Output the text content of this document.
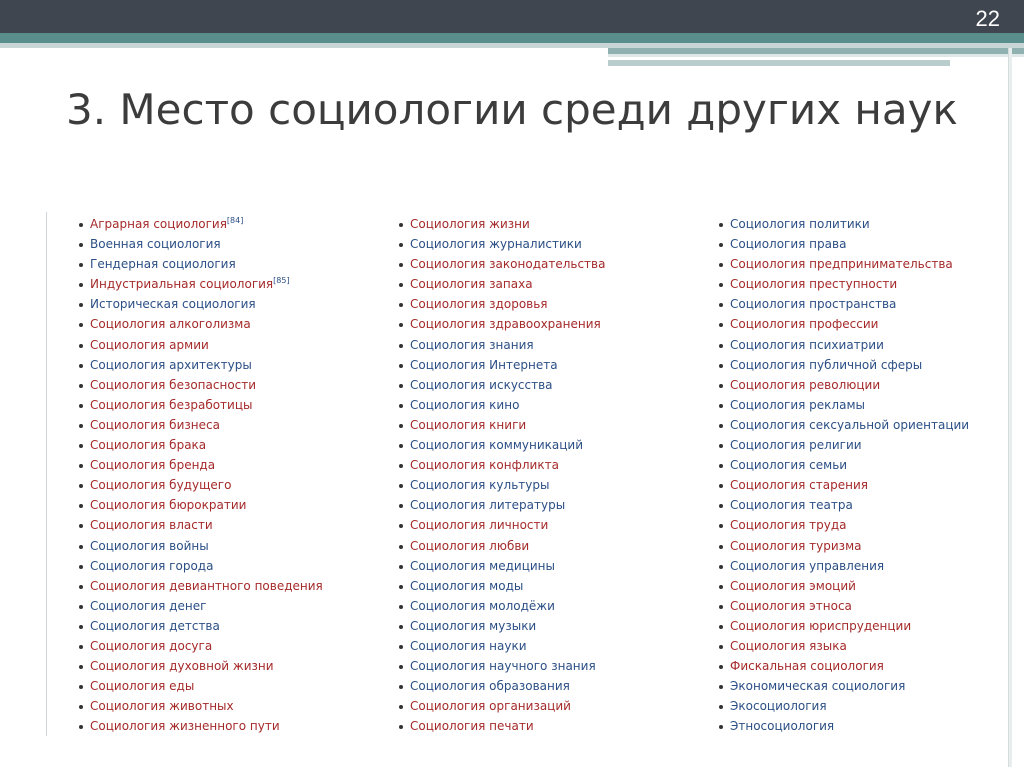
22
3. Место социологии среди других наук
Аграрная социология[84]
Военная социология
Гендерная социология
Индустриальная социология[85]
Историческая социология
Социология алкоголизма
Социология армии
Социология архитектуры
Социология безопасности
Социология безработицы
Социология бизнеса
Социология брака
Социология бренда
Социология будущего
Социология бюрократии
Социология власти
Социология войны
Социология города
Социология девиантного поведения
Социология денег
Социология детства
Социология досуга
Социология духовной жизни
Социология еды
Социология животных
Социология жизненного пути
Социология жизни
Социология журналистики
Социология законодательства
Социология запаха
Социология здоровья
Социология здравоохранения
Социология знания
Социология Интернета
Социология искусства
Социология кино
Социология книги
Социология коммуникаций
Социология конфликта
Социология культуры
Социология литературы
Социология личности
Социология любви
Социология медицины
Социология моды
Социология молодёжи
Социология музыки
Социология науки
Социология научного знания
Социология образования
Социология организаций
Социология печати
Социология политики
Социология права
Социология предпринимательства
Социология преступности
Социология пространства
Социология профессии
Социология психиатрии
Социология публичной сферы
Социология революции
Социология рекламы
Социология сексуальной ориентации
Социология религии
Социология семьи
Социология старения
Социология театра
Социология труда
Социология туризма
Социология управления
Социология эмоций
Социология этноса
Социология юриспруденции
Социология языка
Фискальная социология
Экономическая социология
Экосоциология
Этносоциология
